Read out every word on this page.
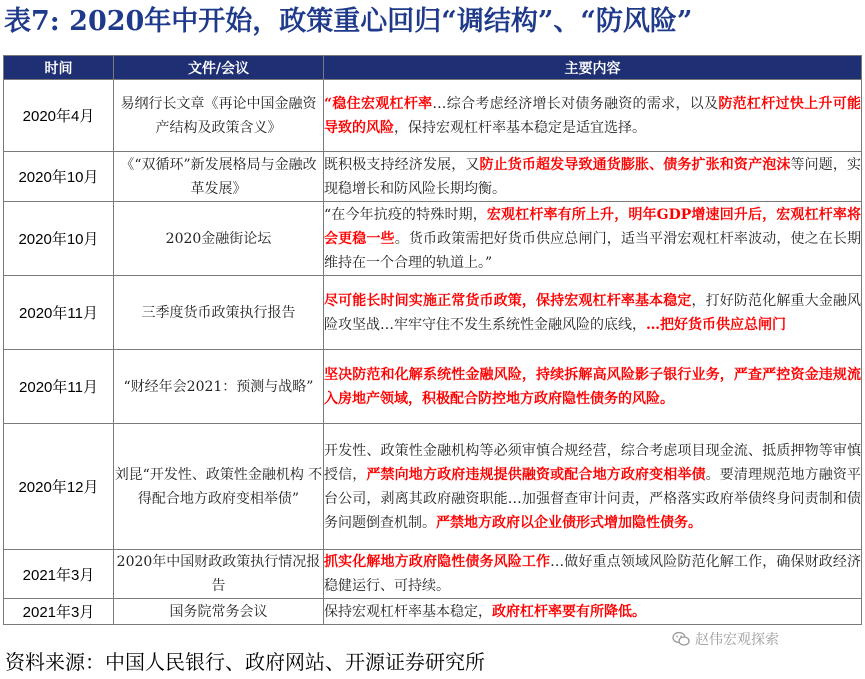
表7: 2020年中开始，政策重心回归“调结构”、“防风险”
时间	文件/会议	主要内容
2020年4月	易纲行长文章《再论中国金融资产结构及政策含义》	“稳住宏观杠杆率…综合考虑经济增长对债务融资的需求，以及防范杠杆过快上升可能导致的风险，保持宏观杠杆率基本稳定是适宜选择。
2020年10月	《“双循环”新发展格局与金融改革发展》	既积极支持经济发展，又防止货币超发导致通货膨胀、债务扩张和资产泡沫等问题，实现稳增长和防风险长期均衡。
2020年10月	2020金融街论坛	“在今年抗疫的特殊时期，宏观杠杆率有所上升，明年GDP增速回升后，宏观杠杆率将会更稳一些。货币政策需把好货币供应总闸门，适当平滑宏观杠杆率波动，使之在长期维持在一个合理的轨道上。”
2020年11月	三季度货币政策执行报告	尽可能长时间实施正常货币政策，保持宏观杠杆率基本稳定，打好防范化解重大金融风险攻坚战…牢牢守住不发生系统性金融风险的底线，…把好货币供应总闸门
2020年11月	“财经年会2021：预测与战略”	坚决防范和化解系统性金融风险，持续拆解高风险影子银行业务，严查严控资金违规流入房地产领域，积极配合防控地方政府隐性债务的风险。
2020年12月	刘昆“开发性、政策性金融机构 不得配合地方政府变相举债”	开发性、政策性金融机构等必须审慎合规经营，综合考虑项目现金流、抵质押物等审慎授信，严禁向地方政府违规提供融资或配合地方政府变相举债。要清理规范地方融资平台公司，剥离其政府融资职能…加强督查审计问责，严格落实政府举债终身问责制和债务问题倒查机制。严禁地方政府以企业债形式增加隐性债务。
2021年3月	2020年中国财政政策执行情况报告	抓实化解地方政府隐性债务风险工作…做好重点领域风险防范化解工作，确保财政经济稳健运行、可持续。
2021年3月	国务院常务会议	保持宏观杠杆率基本稳定，政府杠杆率要有所降低。
资料来源：中国人民银行、政府网站、开源证券研究所
赵伟宏观探索
